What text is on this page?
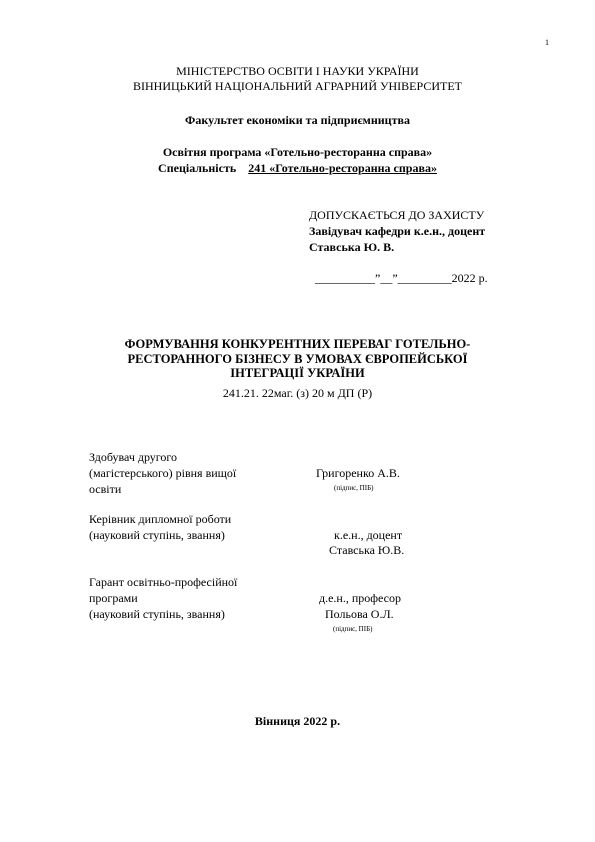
1
МІНІСТЕРСТВО ОСВІТИ І НАУКИ УКРАЇНИ
ВІННИЦЬКИЙ НАЦІОНАЛЬНИЙ АГРАРНИЙ УНІВЕРСИТЕТ
Факультет економіки та підприємництва
Освітня програма «Готельно-ресторанна справа»
Спеціальність 241 «Готельно-ресторанна справа»
ДОПУСКАЄТЬСЯ ДО ЗАХИСТУ
Завідувач кафедри к.е.н., доцент
Ставська Ю. В.
__________”__”_________2022 р.
ФОРМУВАННЯ КОНКУРЕНТНИХ ПЕРЕВАГ ГОТЕЛЬНО-
РЕСТОРАННОГО БІЗНЕСУ В УМОВАХ ЄВРОПЕЙСЬКОЇ
ІНТЕГРАЦІЇ УКРАЇНИ
241.21. 22маг. (з) 20 м ДП (Р)
Здобувач другого
(магістерського) рівня вищої
освіти
Григоренко А.В.
(підпис, ПІБ)
Керівник дипломної роботи
(науковий ступінь, звання)	к.е.н., доцент
Ставська Ю.В.
Гарант освітньо-професійної
програми
(науковий ступінь, звання)
д.е.н., професор
Польова О.Л.
(підпис, ПІБ)
Вінниця 2022 р.
